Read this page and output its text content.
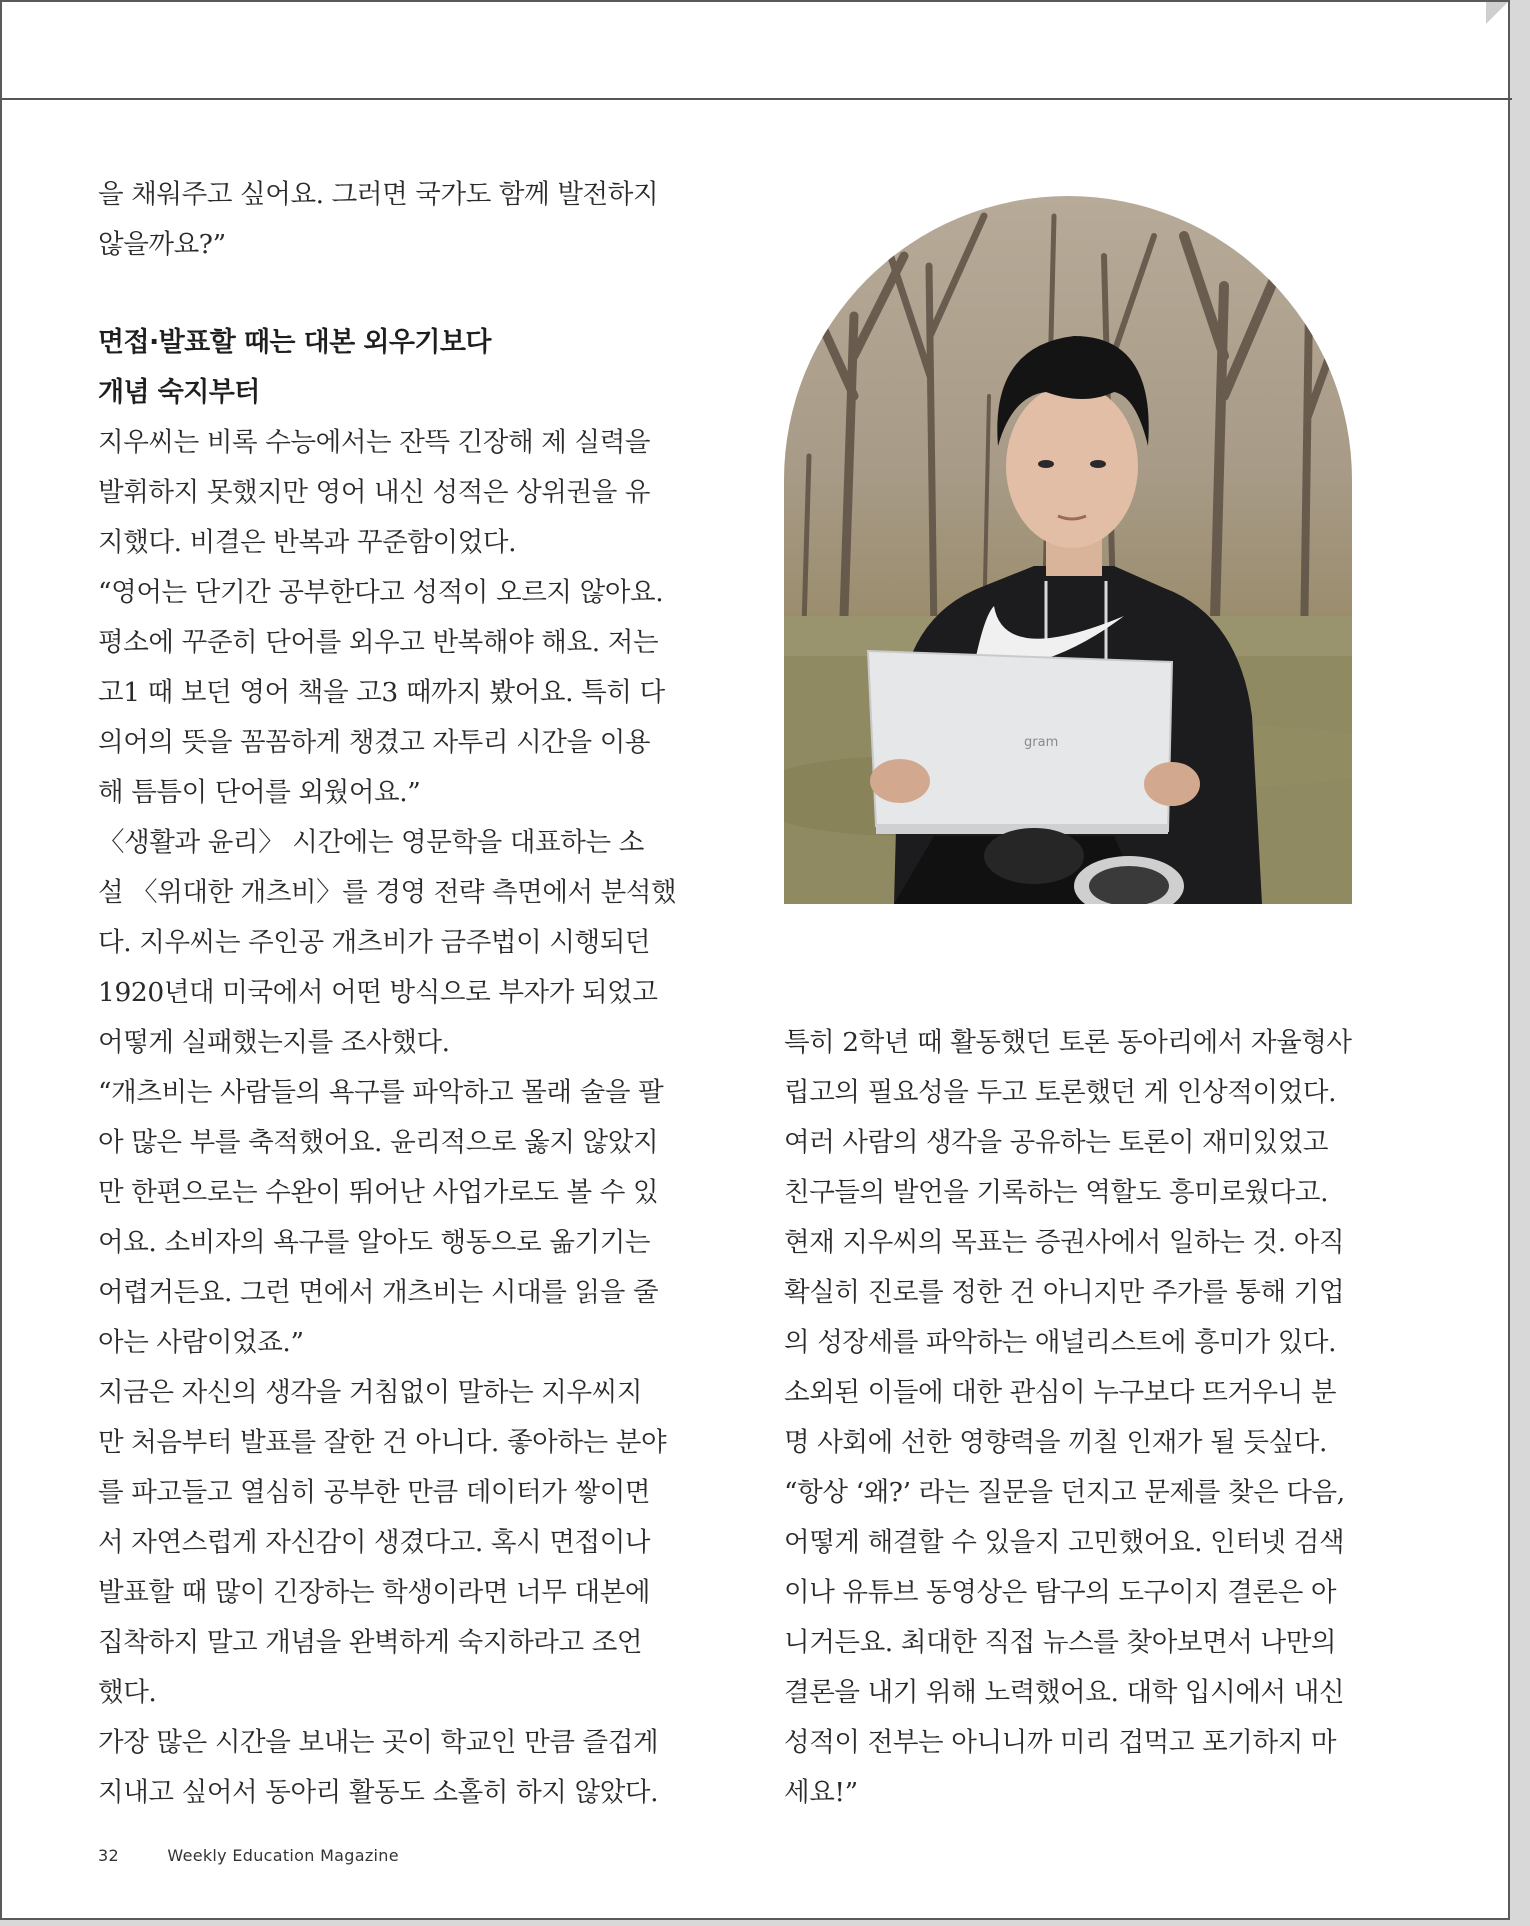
을 채워주고 싶어요. 그러면 국가도 함께 발전하지
않을까요?”
면접·발표할 때는 대본 외우기보다
개념 숙지부터
지우씨는 비록 수능에서는 잔뜩 긴장해 제 실력을
발휘하지 못했지만 영어 내신 성적은 상위권을 유
지했다. 비결은 반복과 꾸준함이었다.
“영어는 단기간 공부한다고 성적이 오르지 않아요.
평소에 꾸준히 단어를 외우고 반복해야 해요. 저는
고1 때 보던 영어 책을 고3 때까지 봤어요. 특히 다
의어의 뜻을 꼼꼼하게 챙겼고 자투리 시간을 이용
해 틈틈이 단어를 외웠어요.”
〈생활과 윤리〉 시간에는 영문학을 대표하는 소
설 〈위대한 개츠비〉를 경영 전략 측면에서 분석했
다. 지우씨는 주인공 개츠비가 금주법이 시행되던
1920년대 미국에서 어떤 방식으로 부자가 되었고
어떻게 실패했는지를 조사했다.
“개츠비는 사람들의 욕구를 파악하고 몰래 술을 팔
아 많은 부를 축적했어요. 윤리적으로 옳지 않았지
만 한편으로는 수완이 뛰어난 사업가로도 볼 수 있
어요. 소비자의 욕구를 알아도 행동으로 옮기기는
어렵거든요. 그런 면에서 개츠비는 시대를 읽을 줄
아는 사람이었죠.”
지금은 자신의 생각을 거침없이 말하는 지우씨지
만 처음부터 발표를 잘한 건 아니다. 좋아하는 분야
를 파고들고 열심히 공부한 만큼 데이터가 쌓이면
서 자연스럽게 자신감이 생겼다고. 혹시 면접이나
발표할 때 많이 긴장하는 학생이라면 너무 대본에
집착하지 말고 개념을 완벽하게 숙지하라고 조언
했다.
가장 많은 시간을 보내는 곳이 학교인 만큼 즐겁게
지내고 싶어서 동아리 활동도 소홀히 하지 않았다.
gram
특히 2학년 때 활동했던 토론 동아리에서 자율형사
립고의 필요성을 두고 토론했던 게 인상적이었다.
여러 사람의 생각을 공유하는 토론이 재미있었고
친구들의 발언을 기록하는 역할도 흥미로웠다고.
현재 지우씨의 목표는 증권사에서 일하는 것. 아직
확실히 진로를 정한 건 아니지만 주가를 통해 기업
의 성장세를 파악하는 애널리스트에 흥미가 있다.
소외된 이들에 대한 관심이 누구보다 뜨거우니 분
명 사회에 선한 영향력을 끼칠 인재가 될 듯싶다.
“항상 ‘왜?’ 라는 질문을 던지고 문제를 찾은 다음,
어떻게 해결할 수 있을지 고민했어요. 인터넷 검색
이나 유튜브 동영상은 탐구의 도구이지 결론은 아
니거든요. 최대한 직접 뉴스를 찾아보면서 나만의
결론을 내기 위해 노력했어요. 대학 입시에서 내신
성적이 전부는 아니니까 미리 겁먹고 포기하지 마
세요!”
32	Weekly Education Magazine
